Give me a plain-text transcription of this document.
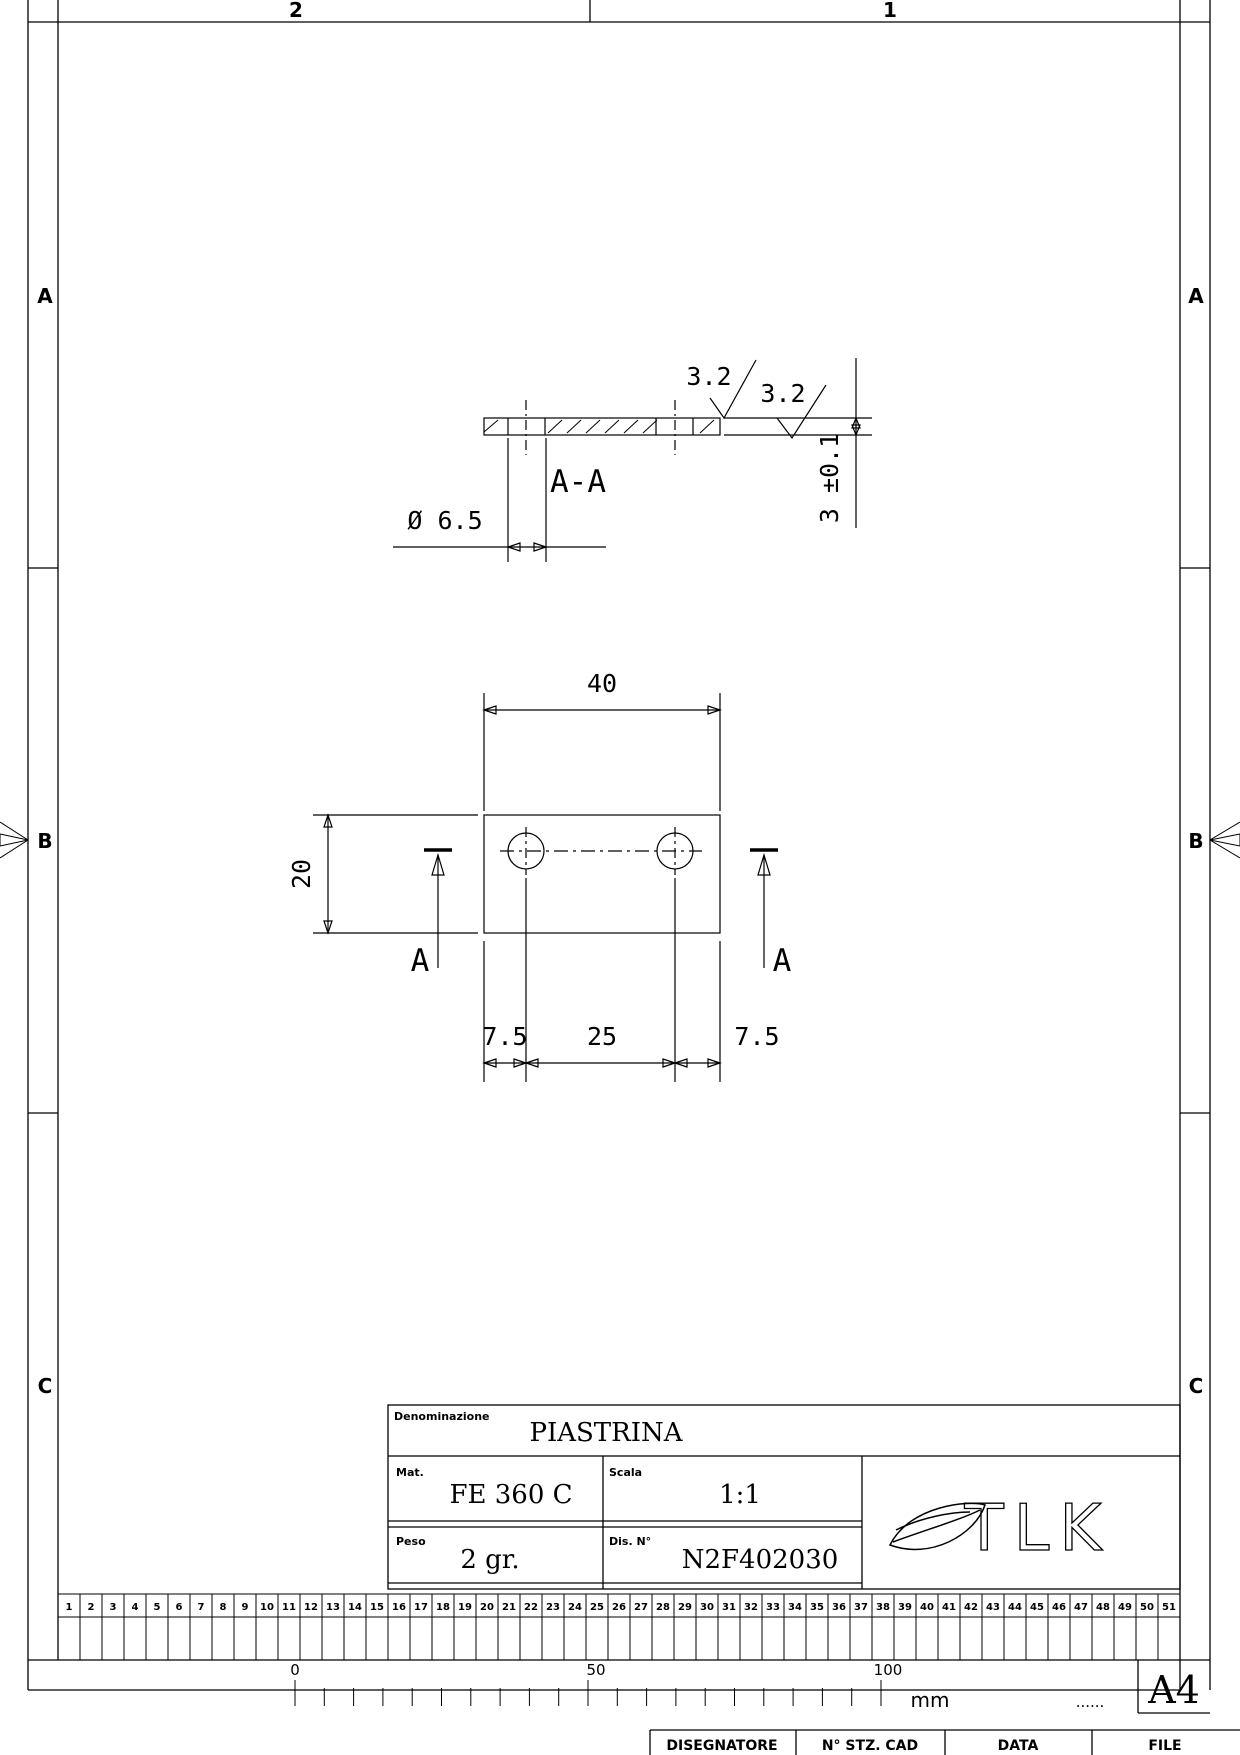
2	1
A
B
C
A
B
C
A-A
Ø 6.5
3.2
3.2
3 ±0.1
40
20
7.5 25	7.5
A	A
Denominazione
PIASTRINA
Mat.
FE 360 C
Scala
1:1
Peso
2 gr.
Dis. N°
N2F402030 TLK
1 2 3 4 5 6 7 8 9 10 11 12 13 14 15 16 17 18 19 20 21 22 23 24 25 26 27 28 29 30 31 32 33 34 35 36 37 38 39 40 41 42 43 44 45 46 47 48 49 50 51
0	50	100
mm	...... A4
DISEGNATORE	N° STZ. CAD	DATA	FILE
